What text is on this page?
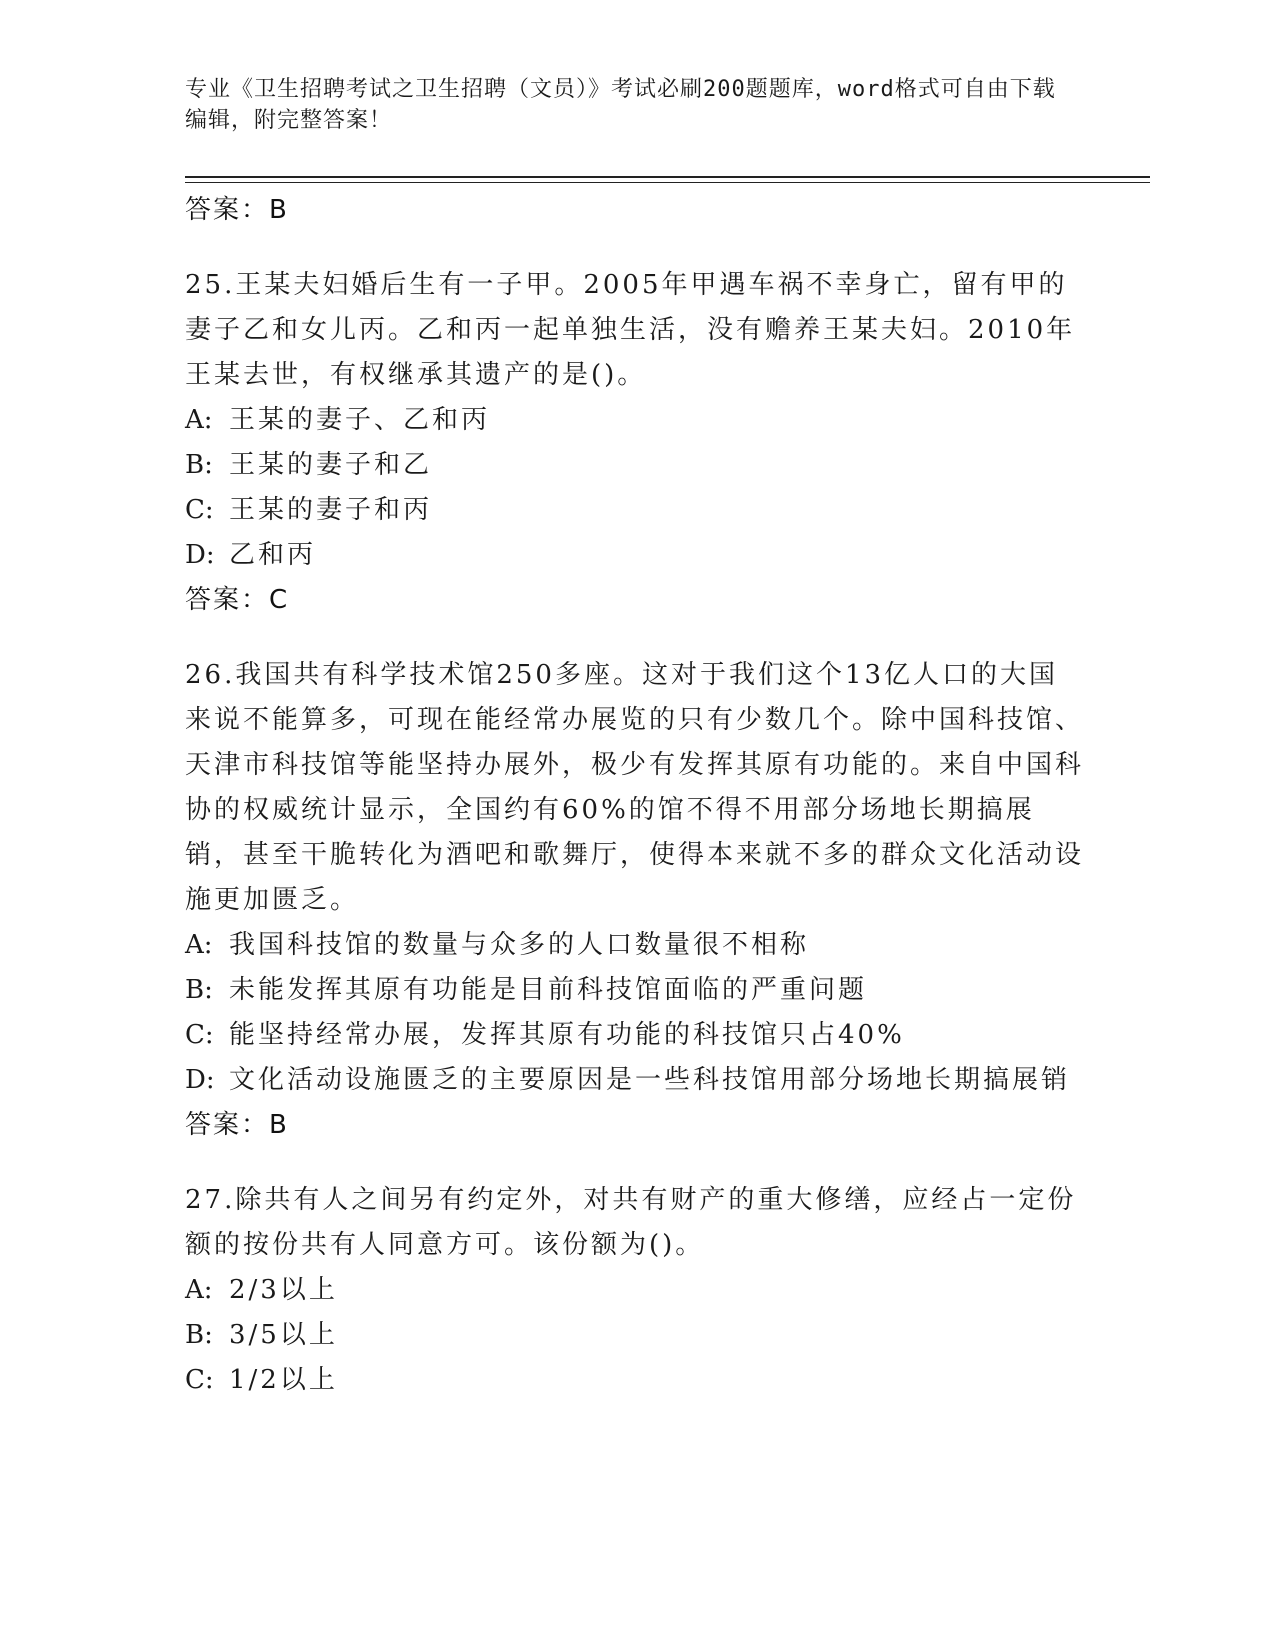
专业《卫生招聘考试之卫生招聘（文员）》考试必刷200题题库，word格式可自由下载编辑，附完整答案！

答案：B

25.王某夫妇婚后生有一子甲。2005年甲遇车祸不幸身亡，留有甲的妻子乙和女儿丙。乙和丙一起单独生活，没有赡养王某夫妇。2010年王某去世，有权继承其遗产的是()。

A: 王某的妻子、乙和丙

B: 王某的妻子和乙

C: 王某的妻子和丙

D: 乙和丙

答案：C

26.我国共有科学技术馆250多座。这对于我们这个13亿人口的大国来说不能算多，可现在能经常办展览的只有少数几个。除中国科技馆、天津市科技馆等能坚持办展外，极少有发挥其原有功能的。来自中国科协的权威统计显示，全国约有60%的馆不得不用部分场地长期搞展销，甚至干脆转化为酒吧和歌舞厅，使得本来就不多的群众文化活动设施更加匮乏。

A: 我国科技馆的数量与众多的人口数量很不相称

B: 未能发挥其原有功能是目前科技馆面临的严重问题

C: 能坚持经常办展，发挥其原有功能的科技馆只占40%

D: 文化活动设施匮乏的主要原因是一些科技馆用部分场地长期搞展销

答案：B

27.除共有人之间另有约定外，对共有财产的重大修缮，应经占一定份额的按份共有人同意方可。该份额为()。

A: 2/3以上

B: 3/5以上

C: 1/2以上
